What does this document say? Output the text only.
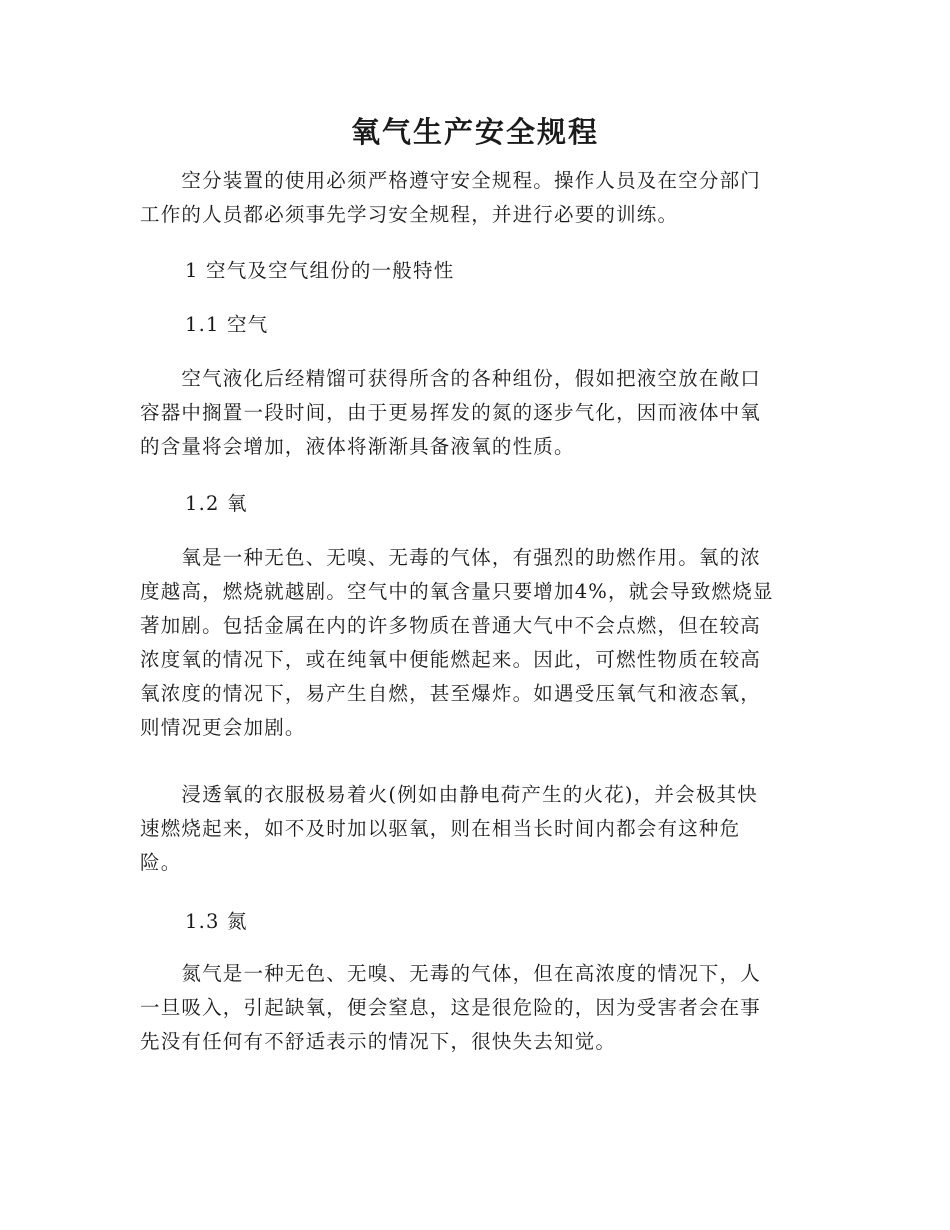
氧气生产安全规程

　　空分装置的使用必须严格遵守安全规程。操作人员及在空分部门
工作的人员都必须事先学习安全规程，并进行必要的训练。

1 空气及空气组份的一般特性
1.1 空气

　　空气液化后经精馏可获得所含的各种组份，假如把液空放在敞口
容器中搁置一段时间，由于更易挥发的氮的逐步气化，因而液体中氧
的含量将会增加，液体将渐渐具备液氧的性质。

1.2 氧

　　氧是一种无色、无嗅、无毒的气体，有强烈的助燃作用。氧的浓
度越高，燃烧就越剧。空气中的氧含量只要增加4%，就会导致燃烧显
著加剧。包括金属在内的许多物质在普通大气中不会点燃，但在较高
浓度氧的情况下，或在纯氧中便能燃起来。因此，可燃性物质在较高
氧浓度的情况下，易产生自燃，甚至爆炸。如遇受压氧气和液态氧，
则情况更会加剧。

　　浸透氧的衣服极易着火(例如由静电荷产生的火花)，并会极其快
速燃烧起来，如不及时加以驱氧，则在相当长时间内都会有这种危
险。

1.3 氮

　　氮气是一种无色、无嗅、无毒的气体，但在高浓度的情况下，人
一旦吸入，引起缺氧，便会窒息，这是很危险的，因为受害者会在事
先没有任何有不舒适表示的情况下，很快失去知觉。
